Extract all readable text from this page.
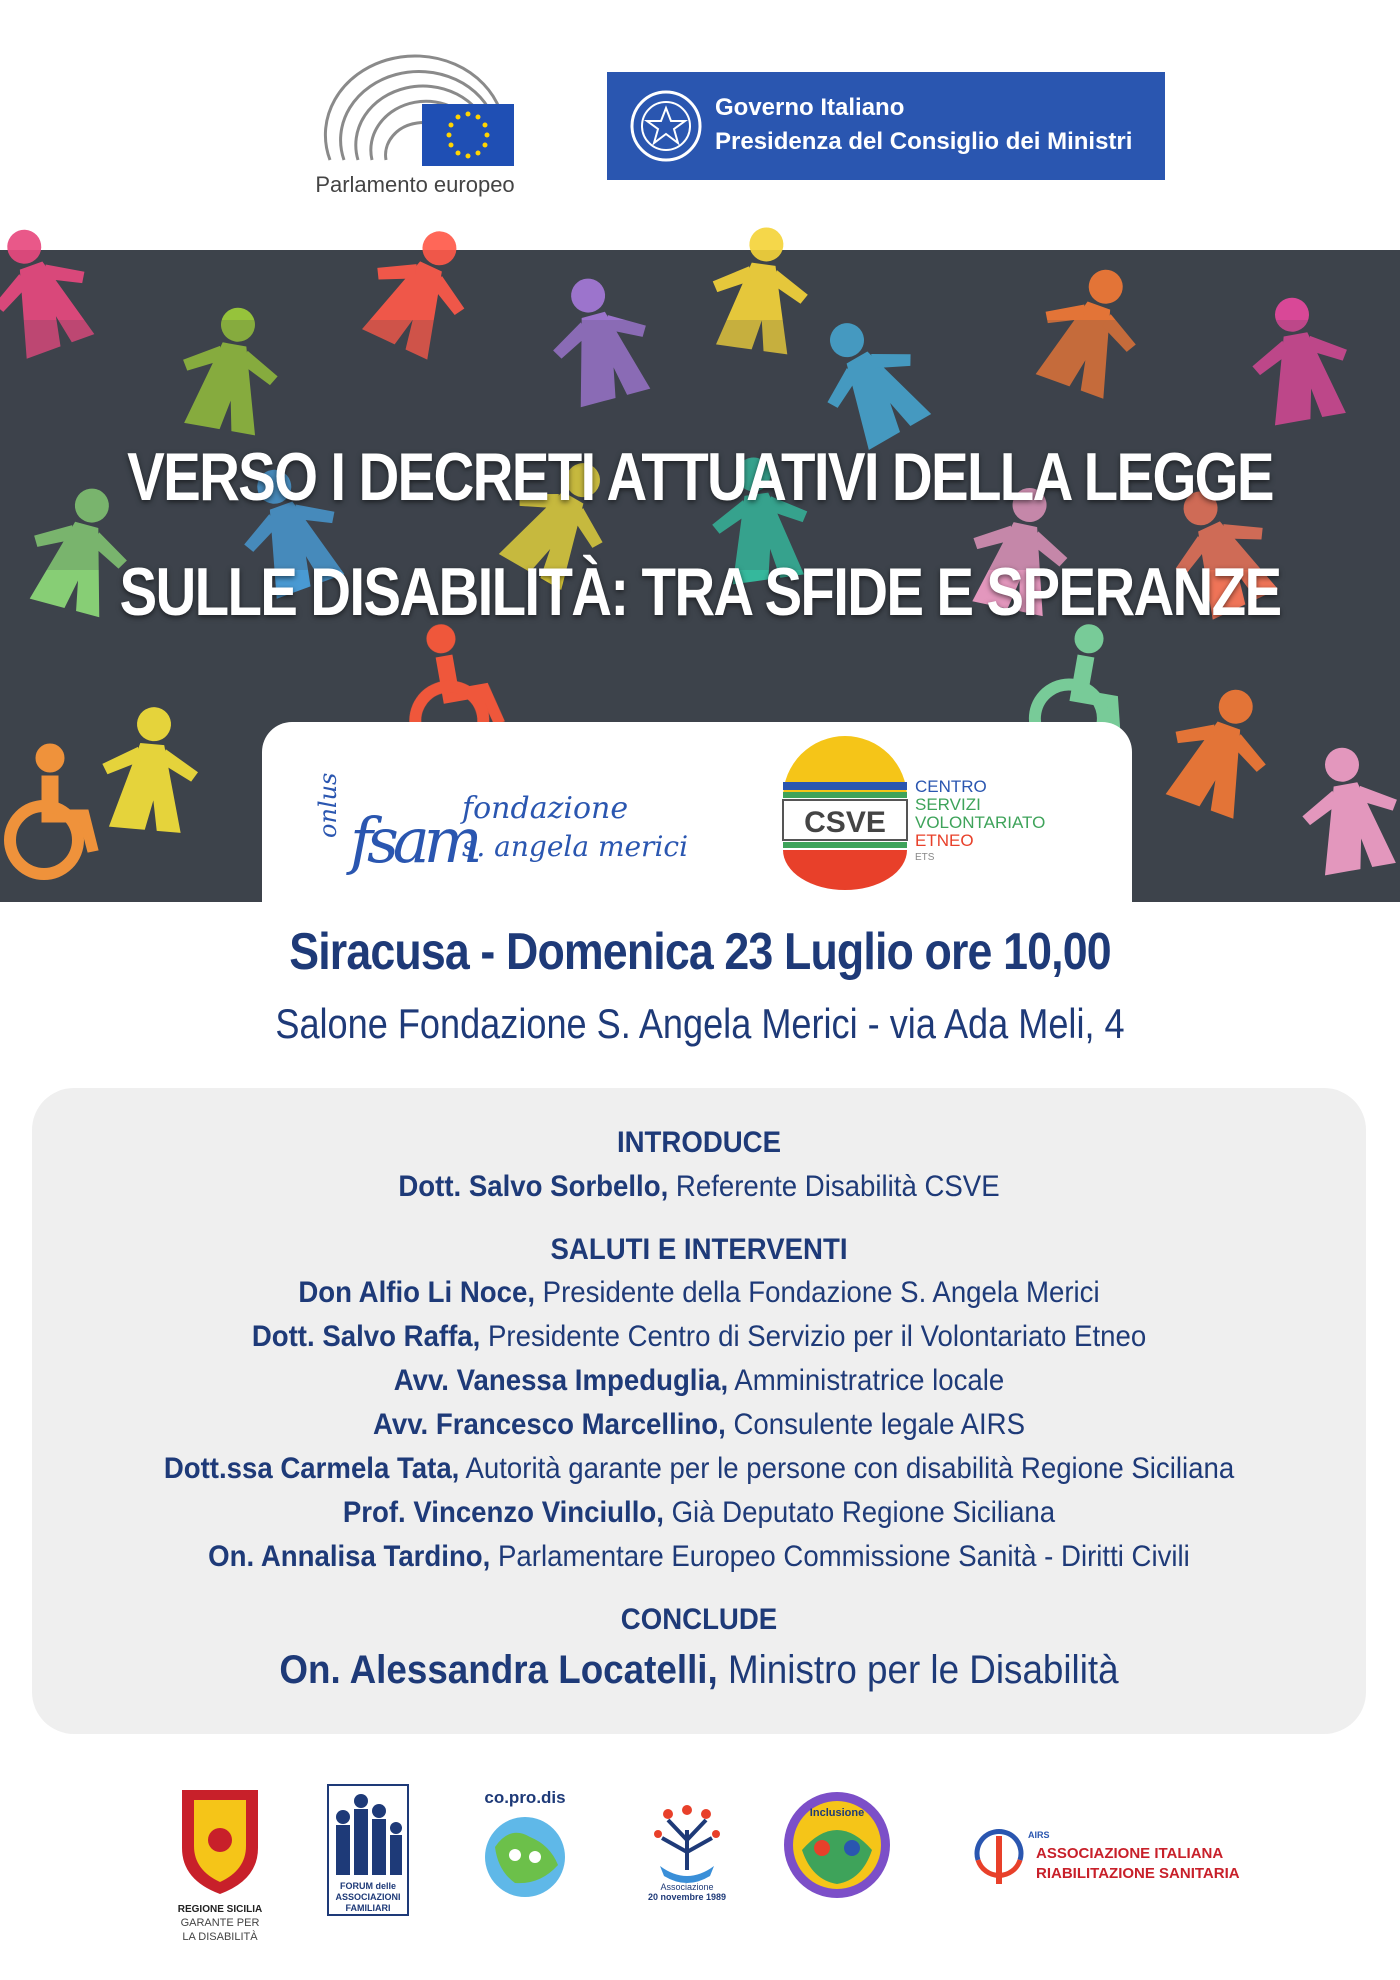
Parlamento europeo
Governo Italiano
Presidenza del Consiglio dei Ministri
VERSO I DECRETI ATTUATIVI DELLA LEGGE
SULLE DISABILITÀ: TRA SFIDE E SPERANZE
onlus fsam
fondazione
s. angela merici
CSVE
CENTRO
SERVIZI
VOLONTARIATO
ETNEO
ETS
Siracusa - Domenica 23 Luglio ore 10,00
Salone Fondazione S. Angela Merici - via Ada Meli, 4
INTRODUCE
Dott. Salvo Sorbello, Referente Disabilità CSVE
SALUTI E INTERVENTI
Don Alfio Li Noce, Presidente della Fondazione S. Angela Merici
Dott. Salvo Raffa, Presidente Centro di Servizio per il Volontariato Etneo
Avv. Vanessa Impeduglia, Amministratrice locale
Avv. Francesco Marcellino, Consulente legale AIRS
Dott.ssa Carmela Tata, Autorità garante per le persone con disabilità Regione Siciliana
Prof. Vincenzo Vinciullo, Già Deputato Regione Siciliana
On. Annalisa Tardino, Parlamentare Europeo Commissione Sanità - Diritti Civili
CONCLUDE
On. Alessandra Locatelli, Ministro per le Disabilità
REGIONE SICILIA
GARANTE PER
LA DISABILITÀ
FORUM delle
ASSOCIAZIONI
FAMILIARI
co.pro.dis
Associazione
20 novembre 1989
Inclusione
AIRS
ASSOCIAZIONE ITALIANA
RIABILITAZIONE SANITARIA
